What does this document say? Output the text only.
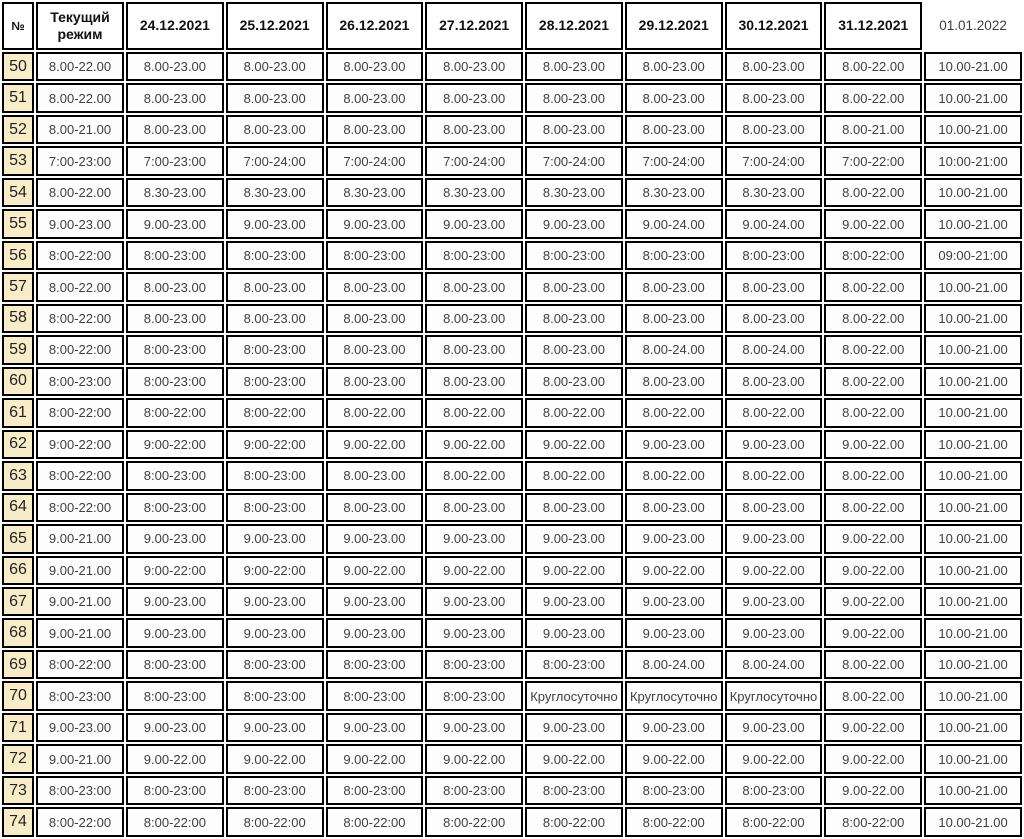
№	Текущий режим	24.12.2021	25.12.2021	26.12.2021	27.12.2021	28.12.2021	29.12.2021	30.12.2021	31.12.2021	01.01.2022
50	8.00-22.00	8.00-23.00	8.00-23.00	8.00-23.00	8.00-23.00	8.00-23.00	8.00-23.00	8.00-23.00	8.00-22.00	10.00-21.00
51	8.00-22.00	8.00-23.00	8.00-23.00	8.00-23.00	8.00-23.00	8.00-23.00	8.00-23.00	8.00-23.00	8.00-22.00	10.00-21.00
52	8.00-21.00	8.00-23.00	8.00-23.00	8.00-23.00	8.00-23.00	8.00-23.00	8.00-23.00	8.00-23.00	8.00-21.00	10.00-21.00
53	7:00-23:00	7:00-23:00	7:00-24:00	7:00-24:00	7:00-24:00	7:00-24:00	7:00-24:00	7:00-24:00	7:00-22:00	10:00-21:00
54	8.00-22.00	8.30-23.00	8.30-23.00	8.30-23.00	8.30-23.00	8.30-23.00	8.30-23.00	8.30-23.00	8.00-22.00	10.00-21.00
55	9.00-23.00	9.00-23.00	9.00-23.00	9.00-23.00	9.00-23.00	9.00-23.00	9.00-24.00	9.00-24.00	9.00-22.00	10.00-21.00
56	8:00-22:00	8:00-23:00	8:00-23:00	8:00-23:00	8:00-23:00	8:00-23:00	8:00-23:00	8:00-23:00	8:00-22:00	09:00-21:00
57	8.00-22.00	8.00-23.00	8.00-23.00	8.00-23.00	8.00-23.00	8.00-23.00	8.00-23.00	8.00-23.00	8.00-22.00	10.00-21.00
58	8:00-22:00	8.00-23.00	8.00-23.00	8.00-23.00	8.00-23.00	8.00-23.00	8.00-23.00	8.00-23.00	8.00-22.00	10.00-21.00
59	8:00-22:00	8:00-23:00	8:00-23:00	8.00-23.00	8.00-23.00	8.00-23.00	8.00-24.00	8.00-24.00	8.00-22.00	10.00-21.00
60	8:00-23:00	8:00-23:00	8:00-23:00	8.00-23.00	8.00-23.00	8.00-23.00	8.00-23.00	8.00-23.00	8.00-22.00	10.00-21.00
61	8:00-22:00	8:00-22:00	8:00-22:00	8.00-22.00	8.00-22.00	8.00-22.00	8.00-22.00	8.00-22.00	8.00-22.00	10.00-21.00
62	9:00-22:00	9:00-22:00	9:00-22:00	9.00-22.00	9.00-22.00	9.00-22.00	9.00-23.00	9.00-23.00	9.00-22.00	10.00-21.00
63	8:00-22:00	8:00-23:00	8:00-23:00	8.00-23.00	8.00-22.00	8.00-22.00	8.00-22.00	8.00-22.00	8.00-22.00	10.00-21.00
64	8:00-22:00	8:00-23:00	8:00-23:00	8.00-23.00	8.00-23.00	8.00-23.00	8.00-23.00	8.00-23.00	8.00-22.00	10.00-21.00
65	9.00-21.00	9.00-23.00	9.00-23.00	9.00-23.00	9.00-23.00	9.00-23.00	9.00-23.00	9.00-23.00	9.00-22.00	10.00-21.00
66	9.00-21.00	9:00-22:00	9:00-22:00	9.00-22.00	9.00-22.00	9.00-22.00	9.00-22.00	9.00-22.00	9.00-22.00	10.00-21.00
67	9.00-21.00	9.00-23.00	9.00-23.00	9.00-23.00	9.00-23.00	9.00-23.00	9.00-23.00	9.00-23.00	9.00-22.00	10.00-21.00
68	9.00-21.00	9.00-23.00	9.00-23.00	9.00-23.00	9.00-23.00	9.00-23.00	9.00-23.00	9.00-23.00	9.00-22.00	10.00-21.00
69	8:00-22:00	8:00-23:00	8:00-23:00	8:00-23:00	8:00-23:00	8:00-23:00	8.00-24.00	8.00-24.00	8.00-22.00	10.00-21.00
70	8:00-23:00	8:00-23:00	8:00-23:00	8:00-23:00	8:00-23:00	Круглосуточно	Круглосуточно	Круглосуточно	8.00-22.00	10.00-21.00
71	9.00-23.00	9.00-23.00	9.00-23.00	9.00-23.00	9.00-23.00	9.00-23.00	9.00-23.00	9.00-23.00	9.00-22.00	10.00-21.00
72	9.00-21.00	9.00-22.00	9.00-22.00	9.00-22.00	9.00-22.00	9.00-22.00	9.00-22.00	9.00-22.00	9.00-22.00	10.00-21.00
73	8:00-23:00	8:00-23:00	8:00-23:00	8:00-23:00	8:00-23:00	8:00-23:00	8:00-23:00	8:00-23:00	9.00-22.00	10.00-21.00
74	8:00-22:00	8:00-22:00	8:00-22:00	8:00-22:00	8:00-22:00	8:00-22:00	8:00-22:00	8:00-22:00	8:00-22:00	10.00-21.00
